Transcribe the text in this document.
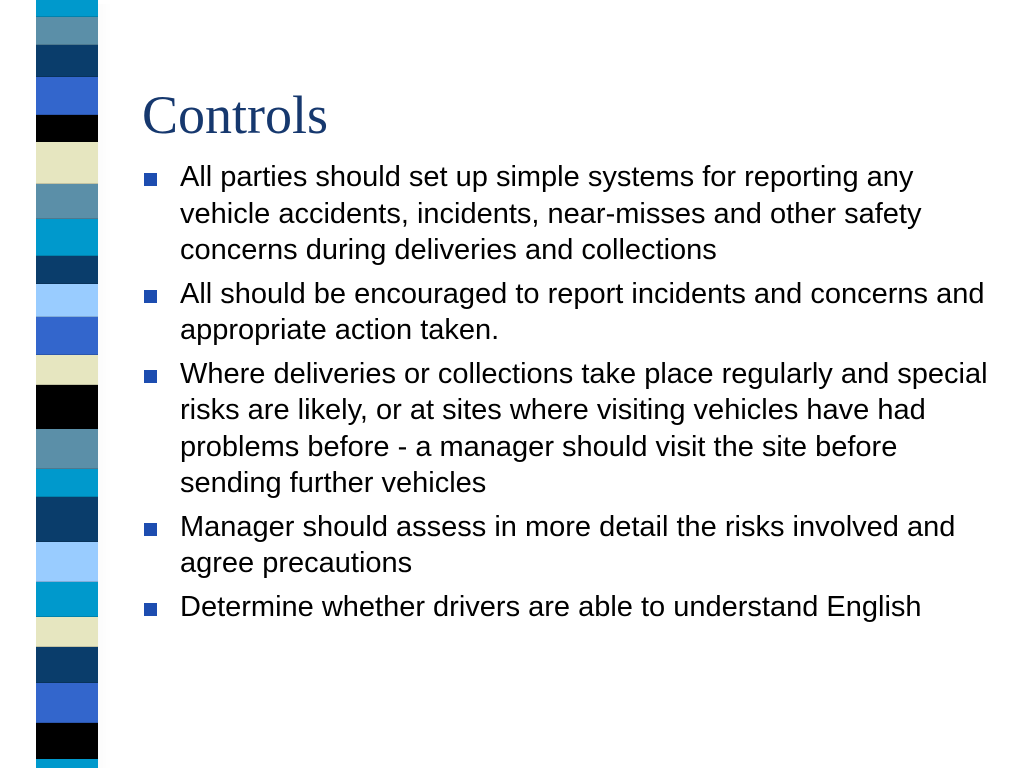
Controls
All parties should set up simple systems for reporting any vehicle accidents, incidents, near-misses and other safety concerns during deliveries and collections
All should be encouraged to report incidents and concerns and appropriate action taken.
Where deliveries or collections take place regularly and special risks are likely, or at sites where visiting vehicles have had problems before - a manager should visit the site before sending further vehicles
Manager should assess in more detail the risks involved and agree precautions
Determine whether drivers are able to understand English
